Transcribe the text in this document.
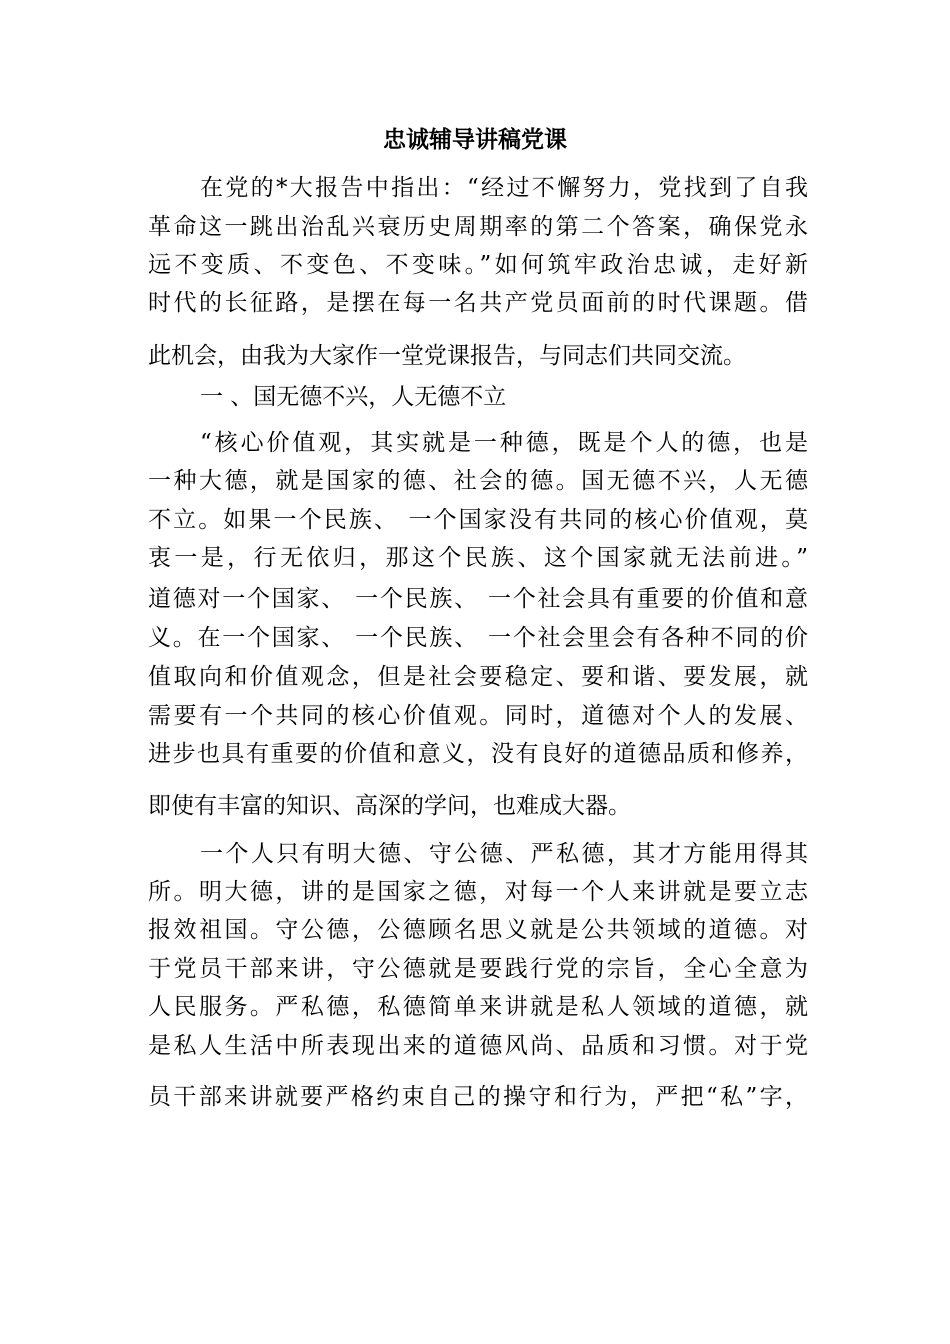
忠诚辅导讲稿党课
在党的*大报告中指出：“经过不懈努力，党找到了自我
革命这一跳出治乱兴衰历史周期率的第二个答案，确保党永
远不变质、不变色、不变味。”如何筑牢政治忠诚，走好新
时代的长征路，是摆在每一名共产党员面前的时代课题。借
此机会，由我为大家作一堂党课报告，与同志们共同交流。
一 、国无德不兴，人无德不立
“核心价值观，其实就是一种德，既是个人的德，也是
一种大德，就是国家的德、社会的德。国无德不兴，人无德
不立。如果一个民族、 一个国家没有共同的核心价值观，莫
衷一是，行无依归，那这个民族、这个国家就无法前进。”
道德对一个国家、 一个民族、 一个社会具有重要的价值和意
义。在一个国家、 一个民族、 一个社会里会有各种不同的价
值取向和价值观念，但是社会要稳定、要和谐、要发展，就
需要有一个共同的核心价值观。同时，道德对个人的发展、
进步也具有重要的价值和意义，没有良好的道德品质和修养，
即使有丰富的知识、高深的学问，也难成大器。
一个人只有明大德、守公德、严私德，其才方能用得其
所。明大德，讲的是国家之德，对每一个人来讲就是要立志
报效祖国。守公德，公德顾名思义就是公共领域的道德。对
于党员干部来讲，守公德就是要践行党的宗旨，全心全意为
人民服务。严私德，私德简单来讲就是私人领域的道德，就
是私人生活中所表现出来的道德风尚、品质和习惯。对于党
员干部来讲就要严格约束自己的操守和行为，严把“私”字，
